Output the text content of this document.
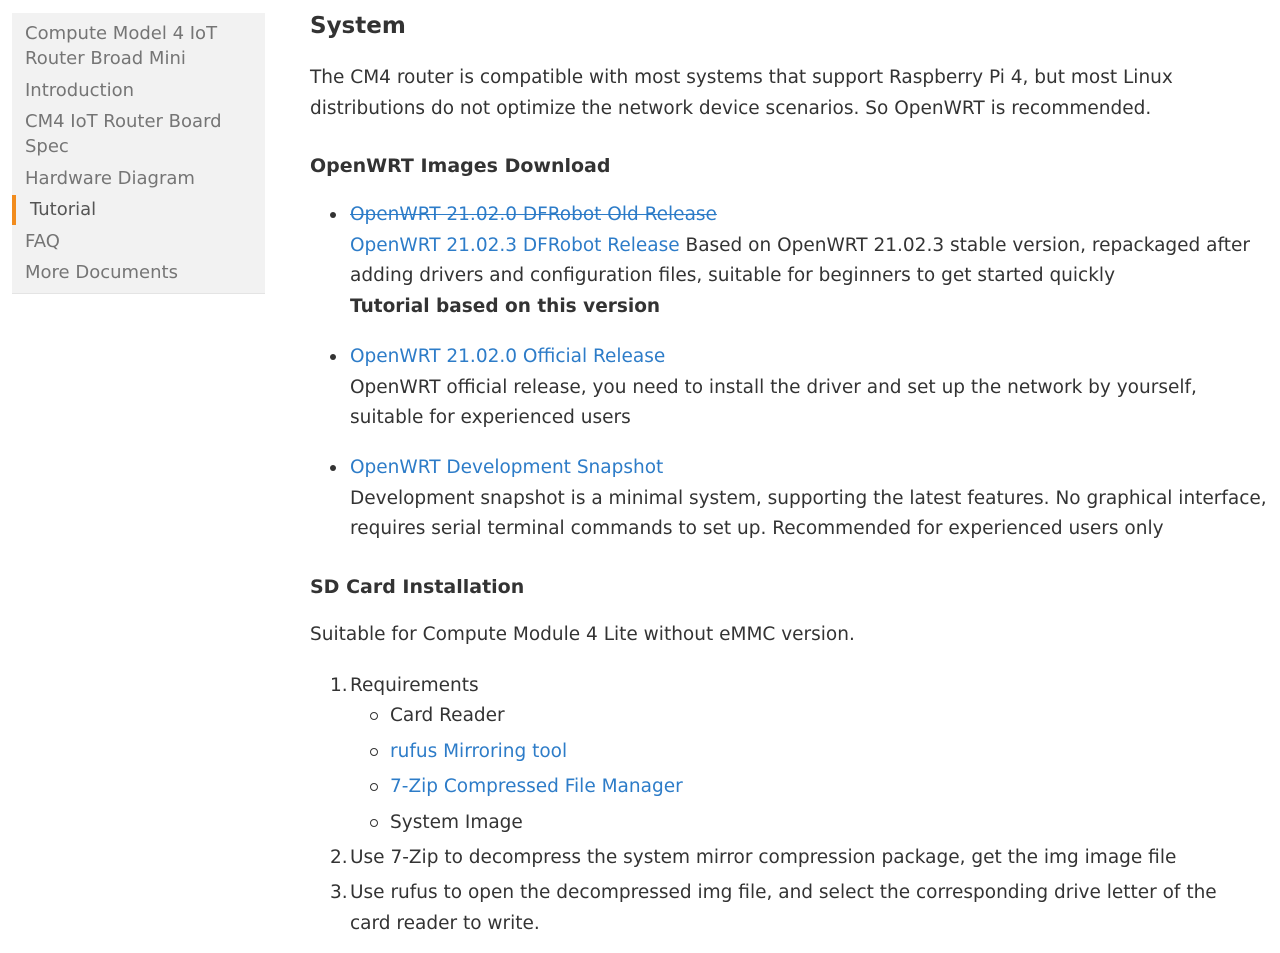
Compute Model 4 IoT Router Broad Mini
Introduction
CM4 IoT Router Board Spec
Hardware Diagram
Tutorial
FAQ
More Documents
System

The CM4 router is compatible with most systems that support Raspberry Pi 4, but most Linux distributions do not optimize the network device scenarios. So OpenWRT is recommended.

OpenWRT Images Download
OpenWRT 21.02.0 DFRobot Old Release
OpenWRT 21.02.3 DFRobot Release Based on OpenWRT 21.02.3 stable version, repackaged after adding drivers and configuration files, suitable for beginners to get started quickly
Tutorial based on this version
OpenWRT 21.02.0 Official Release
OpenWRT official release, you need to install the driver and set up the network by yourself, suitable for experienced users
OpenWRT Development Snapshot
Development snapshot is a minimal system, supporting the latest features. No graphical interface, requires serial terminal commands to set up. Recommended for experienced users only
SD Card Installation

Suitable for Compute Module 4 Lite without eMMC version.

1. Requirements
Card Reader
rufus Mirroring tool
7-Zip Compressed File Manager
System Image
2. Use 7-Zip to decompress the system mirror compression package, get the img image file
3. Use rufus to open the decompressed img file, and select the corresponding drive letter of the card reader to write.
